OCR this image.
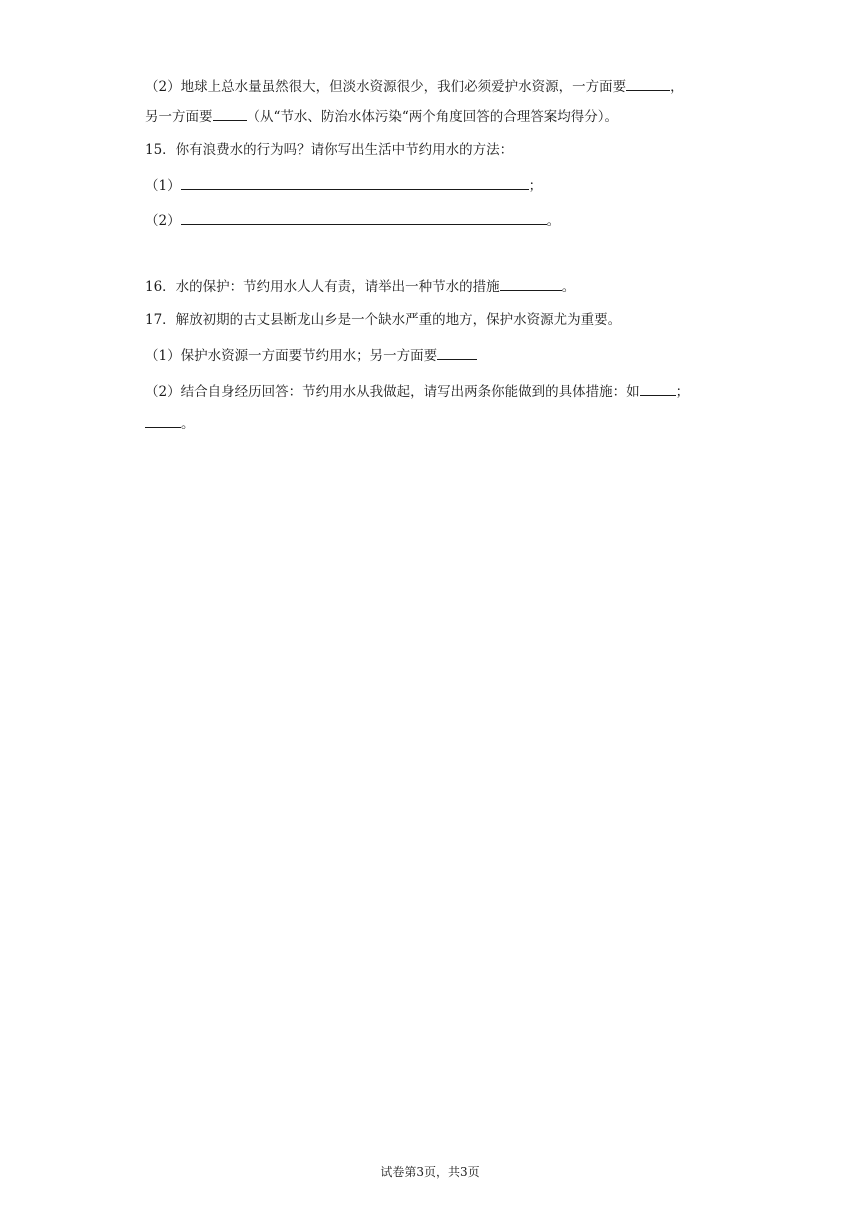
（2）地球上总水量虽然很大，但淡水资源很少，我们必须爱护水资源，一方面要	，
另一方面要	（从“节水、防治水体污染“两个角度回答的合理答案均得分）。
15．你有浪费水的行为吗？请你写出生活中节约用水的方法：
（1）	；
（2）	。
16．水的保护：节约用水人人有责，请举出一种节水的措施	。
17．解放初期的古丈县断龙山乡是一个缺水严重的地方，保护水资源尤为重要。
（1）保护水资源一方面要节约用水；另一方面要
（2）结合自身经历回答：节约用水从我做起，请写出两条你能做到的具体措施：如	；
。
试卷第3页，共3页
